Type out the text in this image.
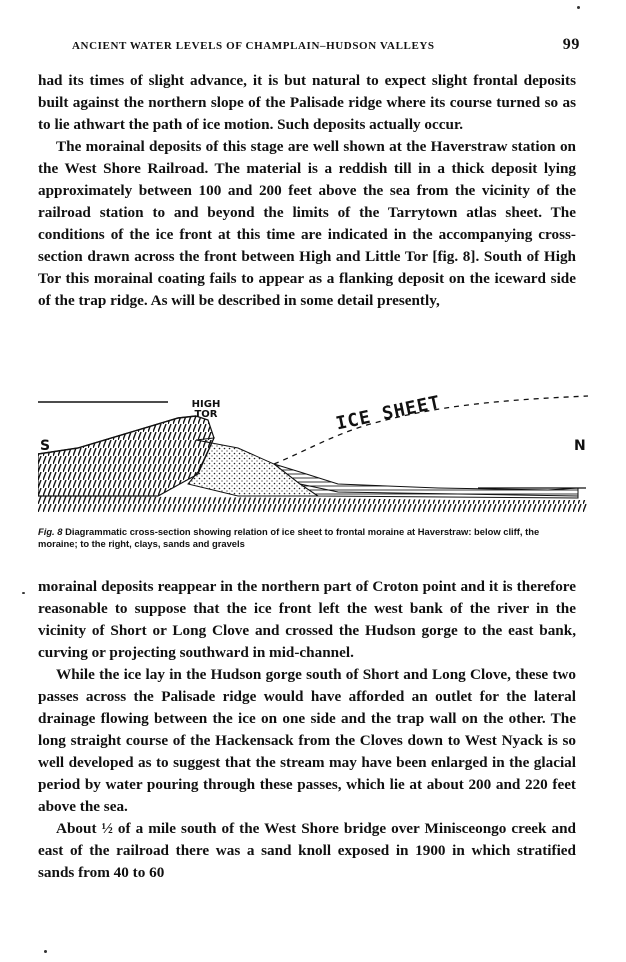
ANCIENT WATER LEVELS OF CHAMPLAIN–HUDSON VALLEYS	99

had its times of slight advance, it is but natural to expect slight frontal deposits built against the northern slope of the Palisade ridge where its course turned so as to lie athwart the path of ice motion. Such deposits actually occur.

The morainal deposits of this stage are well shown at the Haverstraw station on the West Shore Railroad. The material is a reddish till in a thick deposit lying approximately between 100 and 200 feet above the sea from the vicinity of the railroad station to and beyond the limits of the Tarrytown atlas sheet. The conditions of the ice front at this time are indicated in the accompanying cross-section drawn across the front between High and Little Tor [fig. 8]. South of High Tor this morainal coating fails to appear as a flanking deposit on the iceward side of the trap ridge. As will be described in some detail presently,

S	N
HIGH TOR	ICE SHEET
Fig. 8 Diagrammatic cross-section showing relation of ice sheet to frontal moraine at Haverstraw: below cliff, the moraine; to the right, clays, sands and gravels

morainal deposits reappear in the northern part of Croton point and it is therefore reasonable to suppose that the ice front left the west bank of the river in the vicinity of Short or Long Clove and crossed the Hudson gorge to the east bank, curving or projecting southward in mid-channel.

While the ice lay in the Hudson gorge south of Short and Long Clove, these two passes across the Palisade ridge would have afforded an outlet for the lateral drainage flowing between the ice on one side and the trap wall on the other. The long straight course of the Hackensack from the Cloves down to West Nyack is so well developed as to suggest that the stream may have been enlarged in the glacial period by water pouring through these passes, which lie at about 200 and 220 feet above the sea.

About ½ of a mile south of the West Shore bridge over Minisceongo creek and east of the railroad there was a sand knoll exposed in 1900 in which stratified sands from 40 to 60
